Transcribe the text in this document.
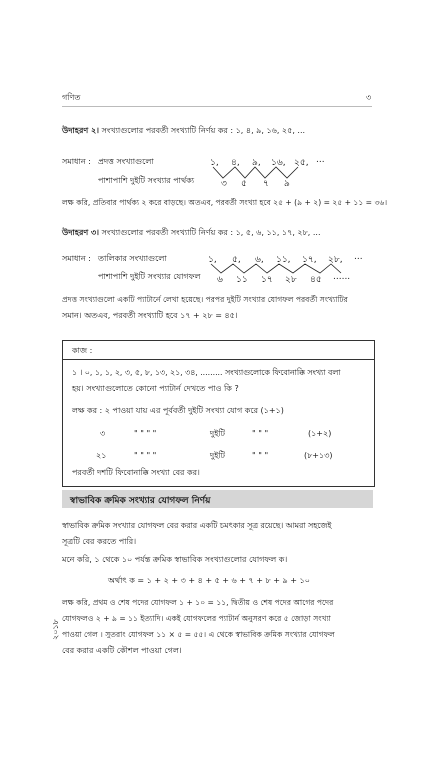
গণিত	৩
উদাহরণ ২। সংখ্যাগুলোর পরবর্তী সংখ্যাটি নির্ণয় কর : ১, ৪, ৯, ১৬, ২৫, ...
সমাধান : প্রদত্ত সংখ্যাগুলো
পাশাপাশি দুইটি সংখ্যার পার্থক্য
১, ৪, ৯, ১৬, ২৫, ...
৩ ৫ ৭ ৯
লক্ষ করি, প্রতিবার পার্থক্য ২ করে বাড়ছে। অতএব, পরবর্তী সংখ্যা হবে ২৫ + (৯ + ২) = ২৫ + ১১ = ৩৬।
উদাহরণ ৩। সংখ্যাগুলোর পরবর্তী সংখ্যাটি নির্ণয় কর : ১, ৫, ৬, ১১, ১৭, ২৮, ...
সমাধান : তালিকার সংখ্যাগুলো
পাশাপাশি দুইটি সংখ্যার যোগফল
১, ৫, ৬, ১১, ১৭, ২৮, ...
৬ ১১ ১৭ ২৮ ৪৫ ......
প্রদত্ত সংখ্যাগুলো একটি প্যাটার্নে লেখা হয়েছে। পরপর দুইটি সংখ্যার যোগফল পরবর্তী সংখ্যাটির
সমান। অতএব, পরবর্তী সংখ্যাটি হবে ১৭ + ২৮ = ৪৫।
কাজ :
১ । ০, ১, ১, ২, ৩, ৫, ৮, ১৩, ২১, ৩৪, ......... সংখ্যাগুলোকে ফিবোনাক্কি সংখ্যা বলা
হয়। সংখ্যাগুলোতে কোনো প্যাটার্ন দেখতে পাও কি ?
লক্ষ কর : ২ পাওয়া যায় এর পূর্ববর্তী দুইটি সংখ্যা যোগ করে (১+১)
৩	" " " "	দুইটি	" " "	(১+২)
২১	" " " "	দুইটি	" " "	(৮+১৩)
পরবর্তী দশটি ফিবোনাক্কি সংখ্যা বের কর।
স্বাভাবিক ক্রমিক সংখ্যার যোগফল নির্ণয়
স্বাভাবিক ক্রমিক সংখ্যার যোগফল বের করার একটি চমৎকার সূত্র রয়েছে। আমরা সহজেই
সূত্রটি বের করতে পারি।
মনে করি, ১ থেকে ১০ পর্যন্ত ক্রমিক স্বাভাবিক সংখ্যাগুলোর যোগফল ক।
অর্থাৎ ক = ১ + ২ + ৩ + ৪ + ৫ + ৬ + ৭ + ৮ + ৯ + ১০
লক্ষ করি, প্রথম ও শেষ পদের যোগফল ১ + ১০ = ১১, দ্বিতীয় ও শেষ পদের আগের পদের
যোগফলও ২ + ৯ = ১১ ইত্যাদি। একই যোগফলের প্যাটার্ন অনুসরণ করে ৫ জোড়া সংখ্যা
পাওয়া গেল । সুতরাং যোগফল ১১ × ৫ = ৫৫। এ থেকে স্বাভাবিক ক্রমিক সংখ্যার যোগফল
বের করার একটি কৌশল পাওয়া গেল।
২০১৮
